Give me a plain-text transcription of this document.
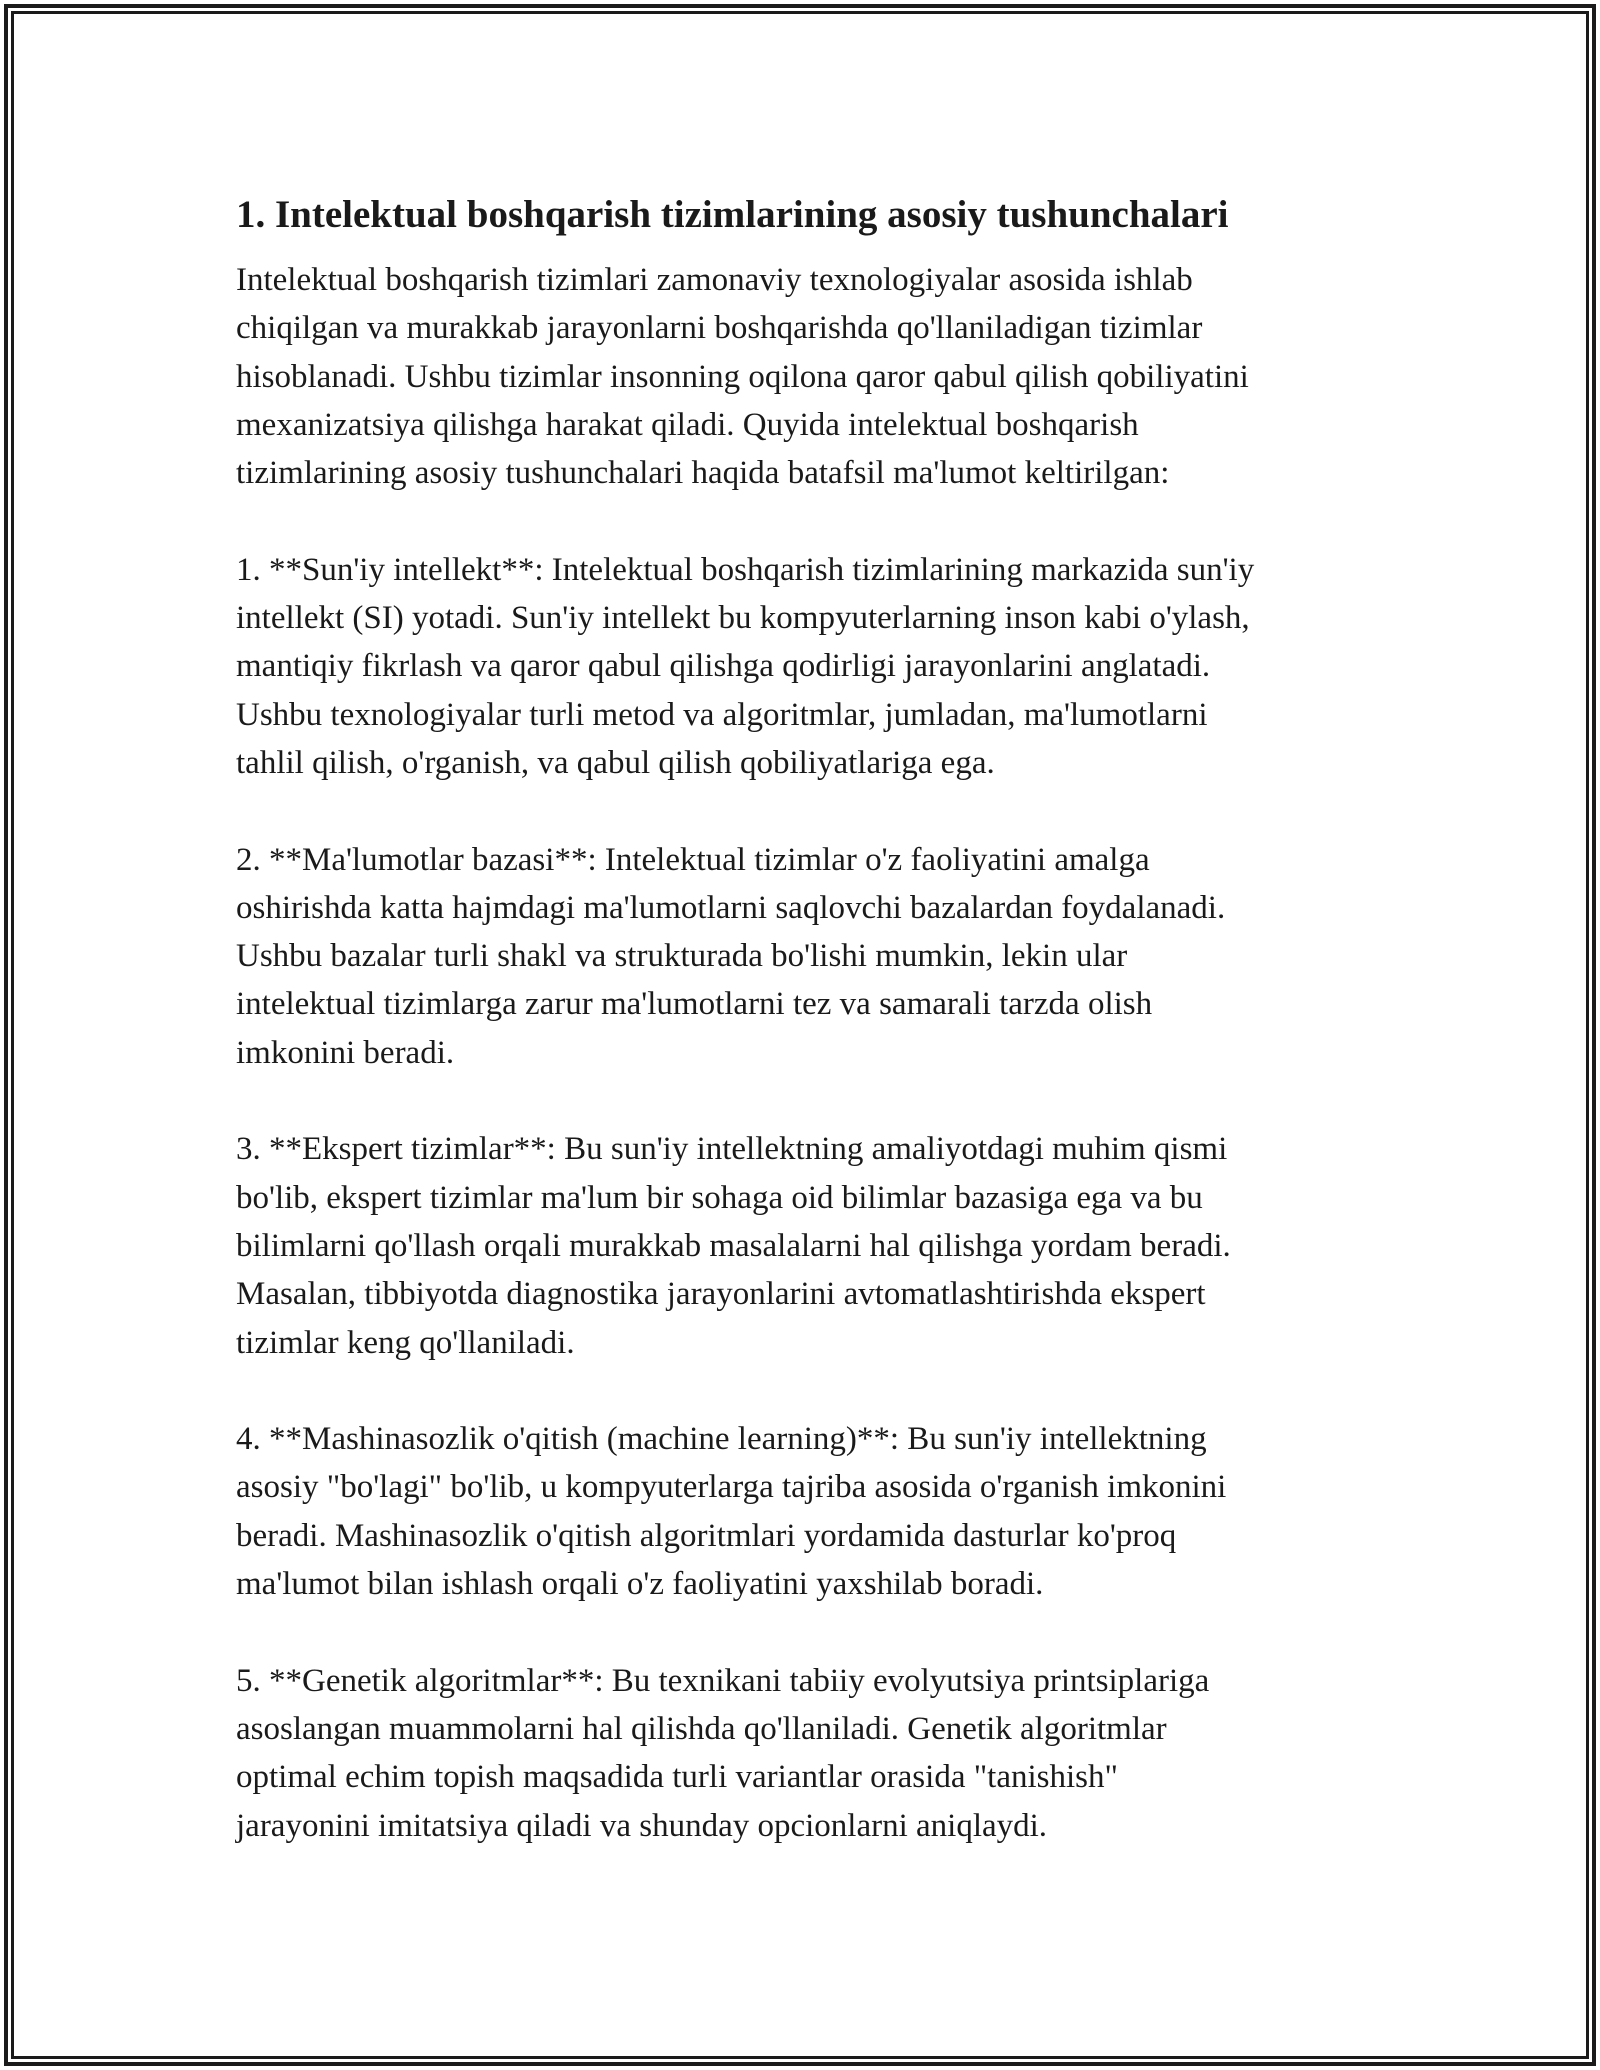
1. Intelektual boshqarish tizimlarining asosiy tushunchalari
Intelektual boshqarish tizimlari zamonaviy texnologiyalar asosida ishlab
chiqilgan va murakkab jarayonlarni boshqarishda qo'llaniladigan tizimlar
hisoblanadi. Ushbu tizimlar insonning oqilona qaror qabul qilish qobiliyatini
mexanizatsiya qilishga harakat qiladi. Quyida intelektual boshqarish
tizimlarining asosiy tushunchalari haqida batafsil ma'lumot keltirilgan:
1. **Sun'iy intellekt**: Intelektual boshqarish tizimlarining markazida sun'iy
intellekt (SI) yotadi. Sun'iy intellekt bu kompyuterlarning inson kabi o'ylash,
mantiqiy fikrlash va qaror qabul qilishga qodirligi jarayonlarini anglatadi.
Ushbu texnologiyalar turli metod va algoritmlar, jumladan, ma'lumotlarni
tahlil qilish, o'rganish, va qabul qilish qobiliyatlariga ega.
2. **Ma'lumotlar bazasi**: Intelektual tizimlar o'z faoliyatini amalga
oshirishda katta hajmdagi ma'lumotlarni saqlovchi bazalardan foydalanadi.
Ushbu bazalar turli shakl va strukturada bo'lishi mumkin, lekin ular
intelektual tizimlarga zarur ma'lumotlarni tez va samarali tarzda olish
imkonini beradi.
3. **Ekspert tizimlar**: Bu sun'iy intellektning amaliyotdagi muhim qismi
bo'lib, ekspert tizimlar ma'lum bir sohaga oid bilimlar bazasiga ega va bu
bilimlarni qo'llash orqali murakkab masalalarni hal qilishga yordam beradi.
Masalan, tibbiyotda diagnostika jarayonlarini avtomatlashtirishda ekspert
tizimlar keng qo'llaniladi.
4. **Mashinasozlik o'qitish (machine learning)**: Bu sun'iy intellektning
asosiy "bo'lagi" bo'lib, u kompyuterlarga tajriba asosida o'rganish imkonini
beradi. Mashinasozlik o'qitish algoritmlari yordamida dasturlar ko'proq
ma'lumot bilan ishlash orqali o'z faoliyatini yaxshilab boradi.
5. **Genetik algoritmlar**: Bu texnikani tabiiy evolyutsiya printsiplariga
asoslangan muammolarni hal qilishda qo'llaniladi. Genetik algoritmlar
optimal echim topish maqsadida turli variantlar orasida "tanishish"
jarayonini imitatsiya qiladi va shunday opcionlarni aniqlaydi.
